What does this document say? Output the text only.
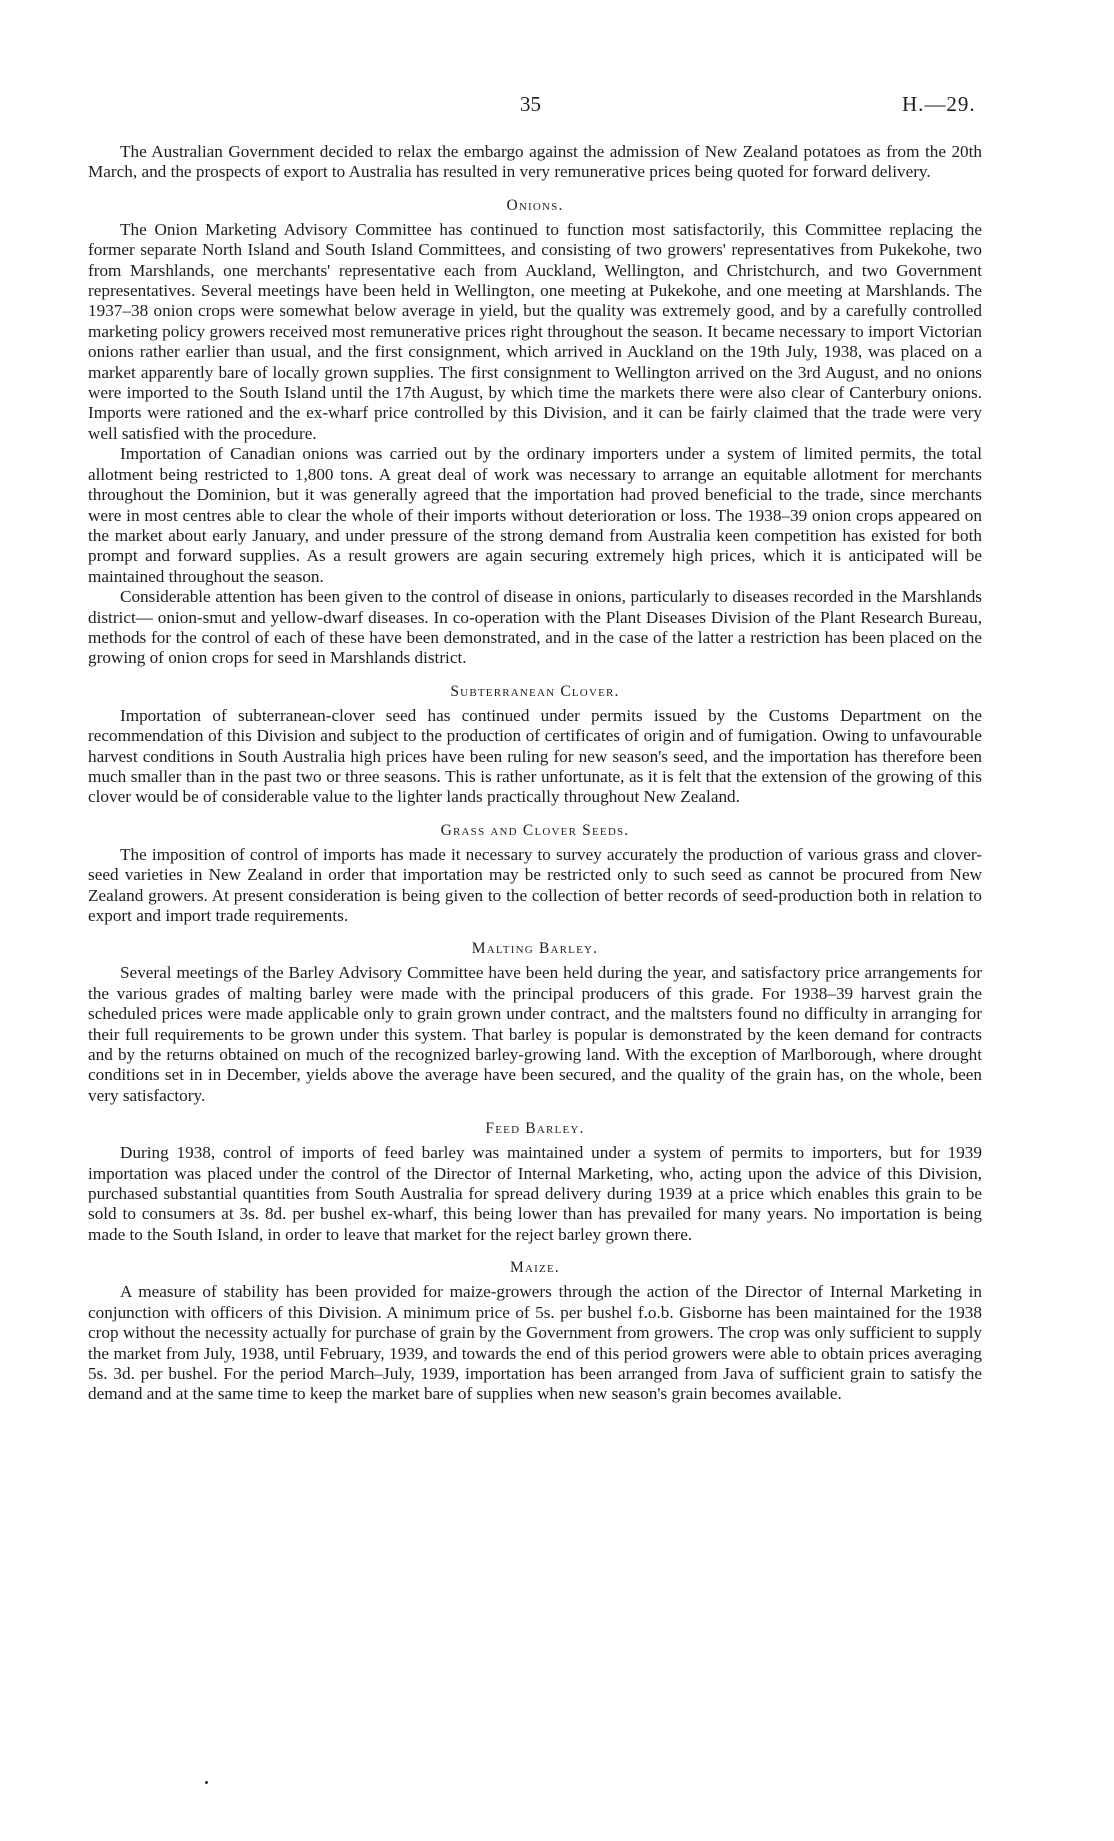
35	H.—29.

The Australian Government decided to relax the embargo against the admission of New Zealand potatoes as from the 20th March, and the prospects of export to Australia has resulted in very remunerative prices being quoted for forward delivery.

Onions.

The Onion Marketing Advisory Committee has continued to function most satisfactorily, this Committee replacing the former separate North Island and South Island Committees, and consisting of two growers' representatives from Pukekohe, two from Marshlands, one merchants' representative each from Auckland, Wellington, and Christchurch, and two Government representatives. Several meetings have been held in Wellington, one meeting at Pukekohe, and one meeting at Marshlands. The 1937–38 onion crops were somewhat below average in yield, but the quality was extremely good, and by a carefully controlled marketing policy growers received most remunerative prices right throughout the season. It became necessary to import Victorian onions rather earlier than usual, and the first consignment, which arrived in Auckland on the 19th July, 1938, was placed on a market apparently bare of locally grown supplies. The first consignment to Wellington arrived on the 3rd August, and no onions were imported to the South Island until the 17th August, by which time the markets there were also clear of Canterbury onions. Imports were rationed and the ex-wharf price controlled by this Division, and it can be fairly claimed that the trade were very well satisfied with the procedure.

Importation of Canadian onions was carried out by the ordinary importers under a system of limited permits, the total allotment being restricted to 1,800 tons. A great deal of work was necessary to arrange an equitable allotment for merchants throughout the Dominion, but it was generally agreed that the importation had proved beneficial to the trade, since merchants were in most centres able to clear the whole of their imports without deterioration or loss. The 1938–39 onion crops appeared on the market about early January, and under pressure of the strong demand from Australia keen competition has existed for both prompt and forward supplies. As a result growers are again securing extremely high prices, which it is anticipated will be maintained throughout the season.

Considerable attention has been given to the control of disease in onions, particularly to diseases recorded in the Marshlands district— onion-smut and yellow-dwarf diseases. In co-operation with the Plant Diseases Division of the Plant Research Bureau, methods for the control of each of these have been demonstrated, and in the case of the latter a restriction has been placed on the growing of onion crops for seed in Marshlands district.

Subterranean Clover.

Importation of subterranean-clover seed has continued under permits issued by the Customs Department on the recommendation of this Division and subject to the production of certificates of origin and of fumigation. Owing to unfavourable harvest conditions in South Australia high prices have been ruling for new season's seed, and the importation has therefore been much smaller than in the past two or three seasons. This is rather unfortunate, as it is felt that the extension of the growing of this clover would be of considerable value to the lighter lands practically throughout New Zealand.

Grass and Clover Seeds.

The imposition of control of imports has made it necessary to survey accurately the production of various grass and clover-seed varieties in New Zealand in order that importation may be restricted only to such seed as cannot be procured from New Zealand growers. At present consideration is being given to the collection of better records of seed-production both in relation to export and import trade requirements.

Malting Barley.

Several meetings of the Barley Advisory Committee have been held during the year, and satisfactory price arrangements for the various grades of malting barley were made with the principal producers of this grade. For 1938–39 harvest grain the scheduled prices were made applicable only to grain grown under contract, and the maltsters found no difficulty in arranging for their full requirements to be grown under this system. That barley is popular is demonstrated by the keen demand for contracts and by the returns obtained on much of the recognized barley-growing land. With the exception of Marlborough, where drought conditions set in in December, yields above the average have been secured, and the quality of the grain has, on the whole, been very satisfactory.

Feed Barley.

During 1938, control of imports of feed barley was maintained under a system of permits to importers, but for 1939 importation was placed under the control of the Director of Internal Marketing, who, acting upon the advice of this Division, purchased substantial quantities from South Australia for spread delivery during 1939 at a price which enables this grain to be sold to consumers at 3s. 8d. per bushel ex-wharf, this being lower than has prevailed for many years. No importation is being made to the South Island, in order to leave that market for the reject barley grown there.

Maize.

A measure of stability has been provided for maize-growers through the action of the Director of Internal Marketing in conjunction with officers of this Division. A minimum price of 5s. per bushel f.o.b. Gisborne has been maintained for the 1938 crop without the necessity actually for purchase of grain by the Government from growers. The crop was only sufficient to supply the market from July, 1938, until February, 1939, and towards the end of this period growers were able to obtain prices averaging 5s. 3d. per bushel. For the period March–July, 1939, importation has been arranged from Java of sufficient grain to satisfy the demand and at the same time to keep the market bare of supplies when new season's grain becomes available.
